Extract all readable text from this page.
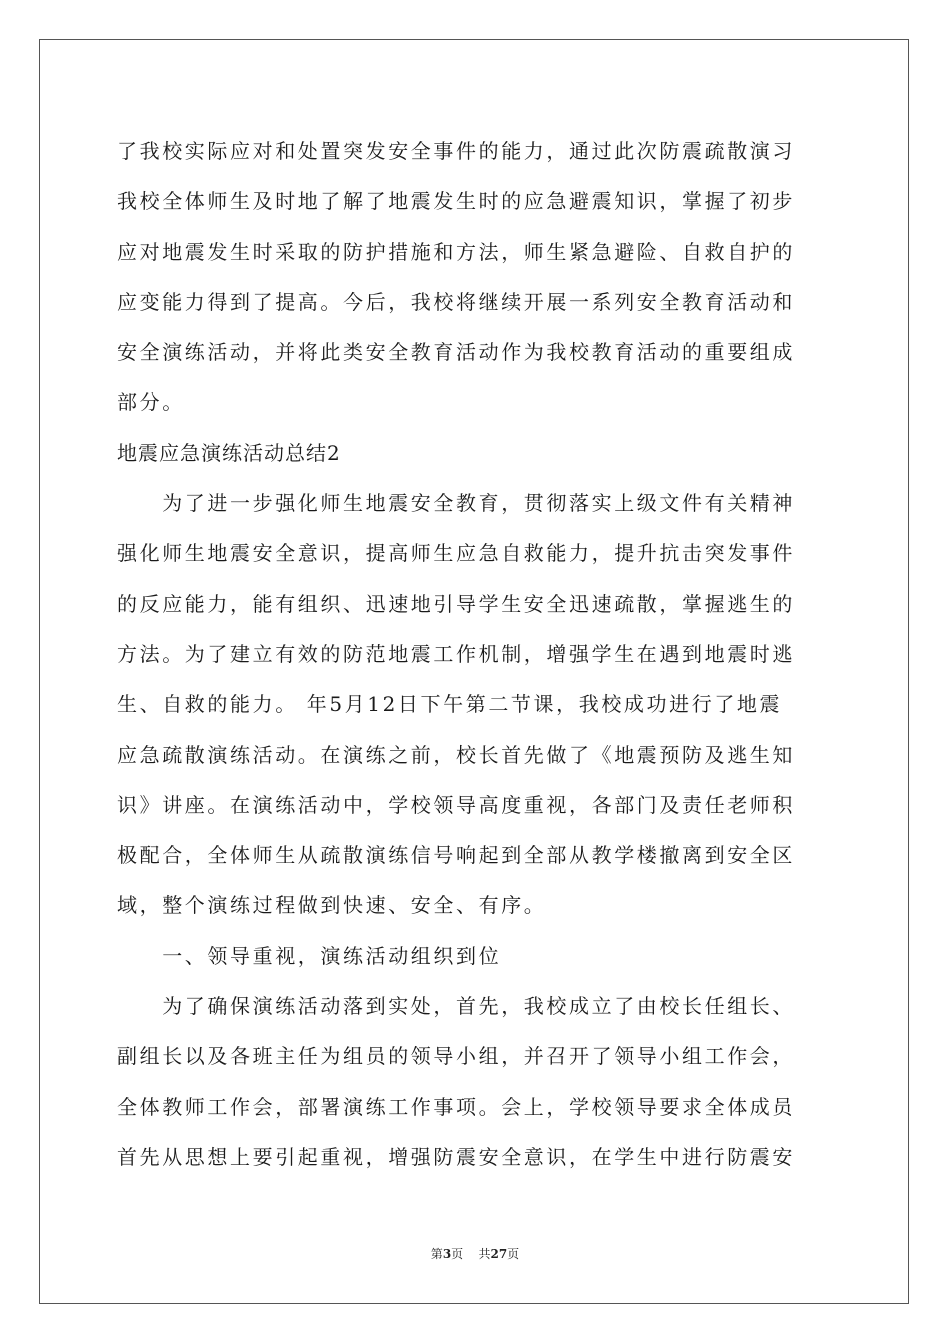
了我校实际应对和处置突发安全事件的能力，通过此次防震疏散演习
我校全体师生及时地了解了地震发生时的应急避震知识，掌握了初步
应对地震发生时采取的防护措施和方法，师生紧急避险、自救自护的
应变能力得到了提高。今后，我校将继续开展一系列安全教育活动和
安全演练活动，并将此类安全教育活动作为我校教育活动的重要组成
部分。
地震应急演练活动总结2
　　为了进一步强化师生地震安全教育，贯彻落实上级文件有关精神
强化师生地震安全意识，提高师生应急自救能力，提升抗击突发事件
的反应能力，能有组织、迅速地引导学生安全迅速疏散，掌握逃生的
方法。为了建立有效的防范地震工作机制，增强学生在遇到地震时逃
生、自救的能力。 年5月12日下午第二节课，我校成功进行了地震
应急疏散演练活动。在演练之前，校长首先做了《地震预防及逃生知
识》讲座。在演练活动中，学校领导高度重视，各部门及责任老师积
极配合，全体师生从疏散演练信号响起到全部从教学楼撤离到安全区
域，整个演练过程做到快速、安全、有序。
　　一、领导重视，演练活动组织到位
　　为了确保演练活动落到实处，首先，我校成立了由校长任组长、
副组长以及各班主任为组员的领导小组，并召开了领导小组工作会，
全体教师工作会，部署演练工作事项。会上，学校领导要求全体成员
首先从思想上要引起重视，增强防震安全意识，在学生中进行防震安
第3页 共27页
